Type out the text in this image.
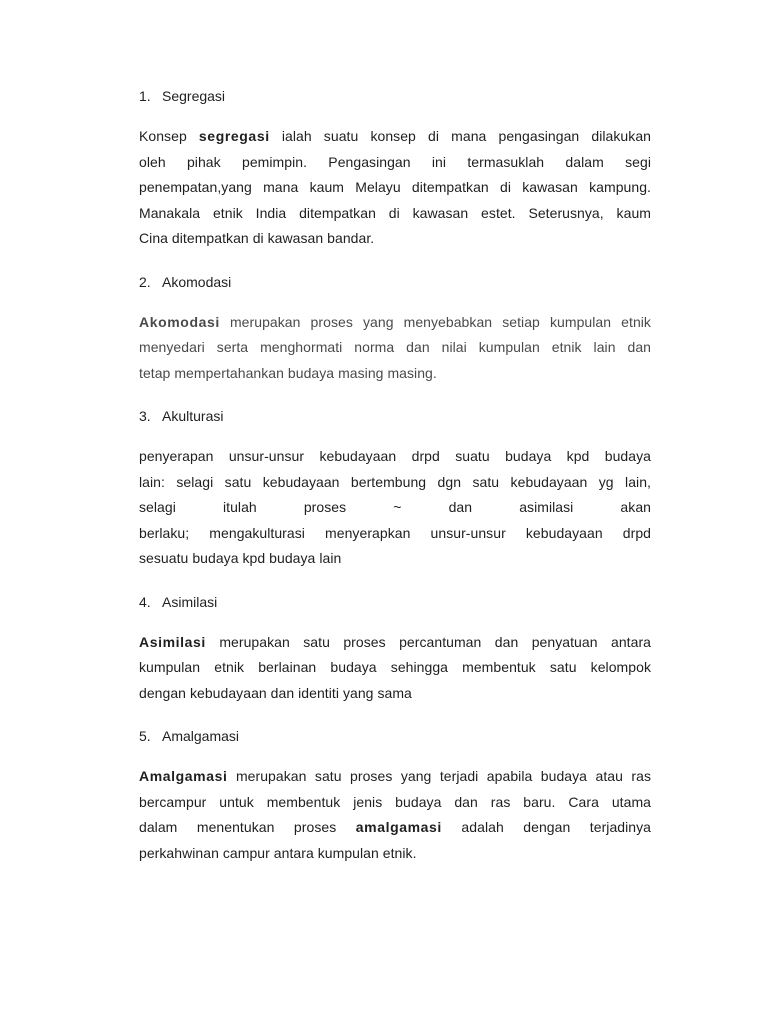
1. Segregasi
Konsep segregasi ialah suatu konsep di mana pengasingan dilakukan
oleh pihak pemimpin. Pengasingan ini termasuklah dalam segi
penempatan,yang mana kaum Melayu ditempatkan di kawasan kampung.
Manakala etnik India ditempatkan di kawasan estet. Seterusnya, kaum
Cina ditempatkan di kawasan bandar.
2. Akomodasi
Akomodasi merupakan proses yang menyebabkan setiap kumpulan etnik
menyedari serta menghormati norma dan nilai kumpulan etnik lain dan
tetap mempertahankan budaya masing masing.
3. Akulturasi
penyerapan unsur-unsur kebudayaan drpd suatu budaya kpd budaya
lain: selagi satu kebudayaan bertembung dgn satu kebudayaan yg lain,
selagi itulah proses ~ dan asimilasi akan
berlaku; mengakulturasi menyerapkan unsur-unsur kebudayaan drpd
sesuatu budaya kpd budaya lain
4. Asimilasi
Asimilasi merupakan satu proses percantuman dan penyatuan antara
kumpulan etnik berlainan budaya sehingga membentuk satu kelompok
dengan kebudayaan dan identiti yang sama
5. Amalgamasi
Amalgamasi merupakan satu proses yang terjadi apabila budaya atau ras
bercampur untuk membentuk jenis budaya dan ras baru. Cara utama
dalam menentukan proses amalgamasi adalah dengan terjadinya
perkahwinan campur antara kumpulan etnik.
